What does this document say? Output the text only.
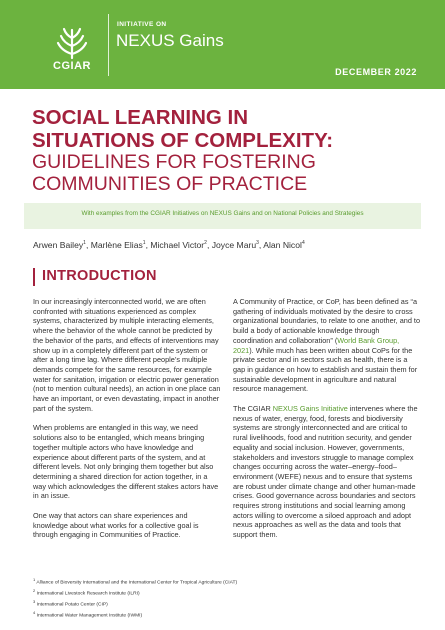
CGIAR
INITIATIVE ON
NEXUS Gains
DECEMBER 2022
SOCIAL LEARNING IN
SITUATIONS OF COMPLEXITY:
GUIDELINES FOR FOSTERING
COMMUNITIES OF PRACTICE
With examples from the CGIAR Initiatives on NEXUS Gains and on National Policies and Strategies
Arwen Bailey$^1$, Marlène Elias$^1$, Michael Victor$^2$, Joyce Maru$^3$, Alan Nicol$^4$
INTRODUCTION

In our increasingly interconnected world, we are often confronted with situations experienced as complex systems, characterized by multiple interacting elements, where the behavior of the whole cannot be predicted by the behavior of the parts, and effects of interventions may show up in a completely different part of the system or after a long time lag. Where different people’s multiple demands compete for the same resources, for example water for sanitation, irrigation or electric power generation (not to mention cultural needs), an action in one place can have an important, or even devastating, impact in another part of the system.

When problems are entangled in this way, we need solutions also to be entangled, which means bringing together multiple actors who have knowledge and experience about different parts of the system, and at different levels. Not only bringing them together but also determining a shared direction for action together, in a way which acknowledges the different stakes actors have in an issue.

One way that actors can share experiences and knowledge about what works for a collective goal is through engaging in Communities of Practice.

A Community of Practice, or CoP, has been defined as “a gathering of individuals motivated by the desire to cross organizational boundaries, to relate to one another, and to build a body of actionable knowledge through coordination and collaboration” (World Bank Group, 2021). While much has been written about CoPs for the private sector and in sectors such as health, there is a gap in guidance on how to establish and sustain them for sustainable development in agriculture and natural resource management.

The CGIAR NEXUS Gains Initiative intervenes where the nexus of water, energy, food, forests and biodiversity systems are strongly interconnected and are critical to rural livelihoods, food and nutrition security, and gender equality and social inclusion. However, governments, stakeholders and investors struggle to manage complex changes occurring across the water–energy–food–environment (WEFE) nexus and to ensure that systems are robust under climate change and other human-made crises. Good governance across boundaries and sectors requires strong institutions and social learning among actors willing to overcome a siloed approach and adopt nexus approaches as well as the data and tools that support them.

$^1$ Alliance of Bioversity International and the International Center for Tropical Agriculture (CIAT)
$^2$ International Livestock Research Institute (ILRI)
$^3$ International Potato Center (CIP)
$^4$ International Water Management Institute (IWMI)
